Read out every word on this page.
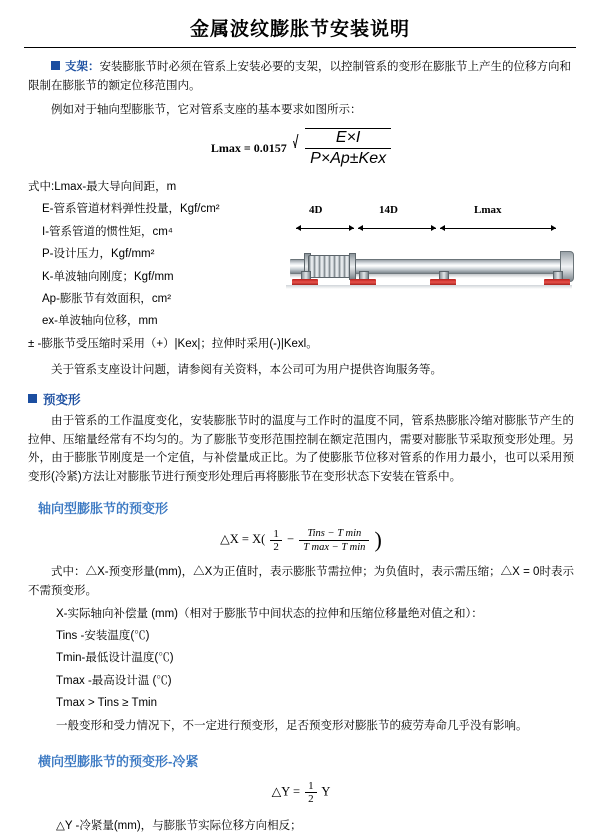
金属波纹膨胀节安装说明
支架：安装膨胀节时必须在管系上安装必要的支架，以控制管系的变形在膨胀节上产生的位移方向和限制在膨胀节的额定位移范围内。

例如对于轴向型膨胀节，它对管系支座的基本要求如图所示：

$Lmax = 0.0157 \frac{E\times I}{\text{P×Ap±Kex}}$
式中:Lmax-最大导向间距，m
E-管系管道材料弹性投量，Kgf/cm²
I-管系管道的惯性矩，cm⁴
P-设计压力，Kgf/mm²
K-单波轴向刚度；Kgf/mm
Ap-膨胀节有效面积，cm²
ex-单波轴向位移，mm
± -膨胀节受压缩时采用（+）|Kex|；拉伸时采用(-)|Kexl。

关于管系支座设计问题，请参阅有关资料，本公司可为用户提供咨询服务等。

预变形

由于管系的工作温度变化，安装膨胀节时的温度与工作时的温度不同，管系热膨胀冷缩对膨胀节产生的拉伸、压缩量经常有不均匀的。为了膨胀节变形范围控制在额定范围内，需要对膨胀节采取预变形处理。另外，由于膨胀节刚度是一个定值，与补偿量成正比。为了使膨胀节位移对管系的作用力最小，也可以采用预变形(冷紧)方法让对膨胀节进行预变形处理后再将膨胀节在变形状态下安装在管系中。

轴向型膨胀节的预变形
△X = $X( \frac{1}{2} - \frac{\text{Tins − T min}}{\text{T max − T min}}$ )

式中：△X-预变形量(mm)，△X为正值时，表示膨胀节需拉伸；为负值时，表示需压缩；△X = 0时表示不需预变形。

X-实际轴向补偿量 (mm)（相对于膨胀节中间状态的拉伸和压缩位移量绝对值之和）：
Tins -安装温度(℃)
Tmin-最低设计温度(℃)
Tmax -最高设计温 (℃)
Tmax > Tins ≥ Tmin
一般变形和受力情况下，不一定进行预变形，足否预变形对膨胀节的疲劳寿命几乎没有影响。
横向型膨胀节的预变形-冷紧
△Y = $\frac{1}{2}$ Y
△Y -冷紧量(mm)，与膨胀节实际位移方向相反；
4D	14D	Lmax
